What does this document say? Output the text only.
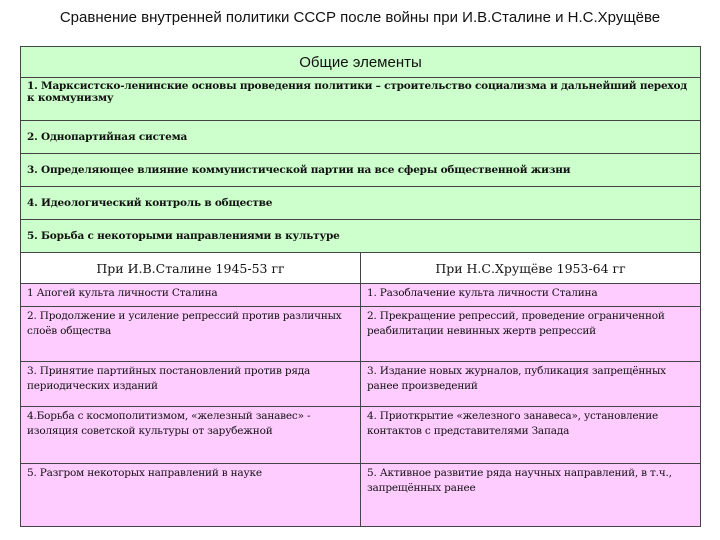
Сравнение внутренней политики СССР после войны при И.В.Сталине и Н.С.Хрущёве
Общие элементы	
1. Марксистско-ленинские основы проведения политики – строительство социализма и дальнейший переход к коммунизму	
2. Однопартийная система	
3. Определяющее влияние коммунистической партии на все сферы общественной жизни	
4. Идеологический контроль в обществе	
5. Борьба с некоторыми направлениями в культуре	
При И.В.Сталине 1945-53 гг	При Н.С.Хрущёве 1953-64 гг
1 Апогей культа личности Сталина	1. Разоблачение культа личности Сталина
2. Продолжение и усиление репрессий против различных слоёв общества	2. Прекращение репрессий, проведение ограниченной реабилитации невинных жертв репрессий
3. Принятие партийных постановлений против ряда периодических изданий	3. Издание новых журналов, публикация запрещённых ранее произведений
4.Борьба с космополитизмом, «железный занавес» - изоляция советской культуры от зарубежной	4. Приоткрытие «железного занавеса», установление контактов с представителями Запада
5. Разгром некоторых направлений в науке	5. Активное развитие ряда научных направлений, в т.ч., запрещённых ранее
